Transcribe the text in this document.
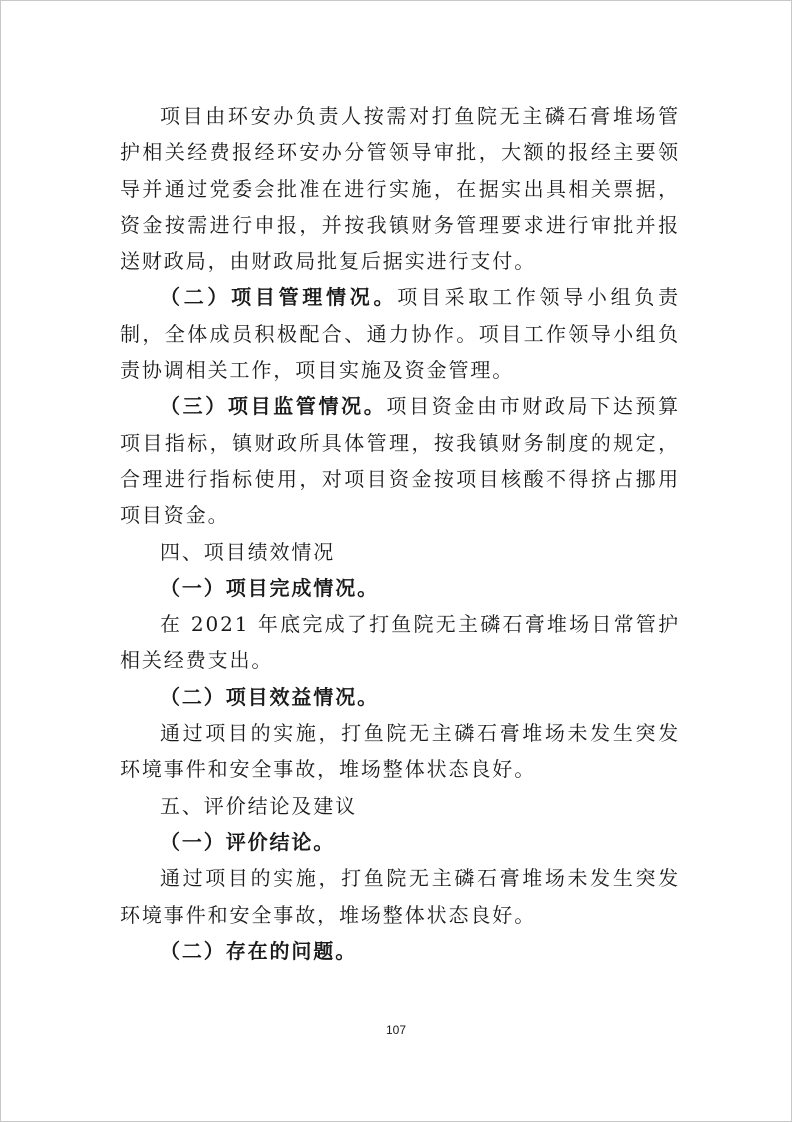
项目由环安办负责人按需对打鱼院无主磷石膏堆场管护相关经费报经环安办分管领导审批，大额的报经主要领导并通过党委会批准在进行实施，在据实出具相关票据，资金按需进行申报，并按我镇财务管理要求进行审批并报送财政局，由财政局批复后据实进行支付。

（二）项目管理情况。项目采取工作领导小组负责制，全体成员积极配合、通力协作。项目工作领导小组负责协调相关工作，项目实施及资金管理。

（三）项目监管情况。项目资金由市财政局下达预算项目指标，镇财政所具体管理，按我镇财务制度的规定，合理进行指标使用，对项目资金按项目核酸不得挤占挪用项目资金。

四、项目绩效情况

（一）项目完成情况。

在 2021 年底完成了打鱼院无主磷石膏堆场日常管护相关经费支出。

（二）项目效益情况。

通过项目的实施，打鱼院无主磷石膏堆场未发生突发环境事件和安全事故，堆场整体状态良好。

五、评价结论及建议

（一）评价结论。

通过项目的实施，打鱼院无主磷石膏堆场未发生突发环境事件和安全事故，堆场整体状态良好。

（二）存在的问题。

107
